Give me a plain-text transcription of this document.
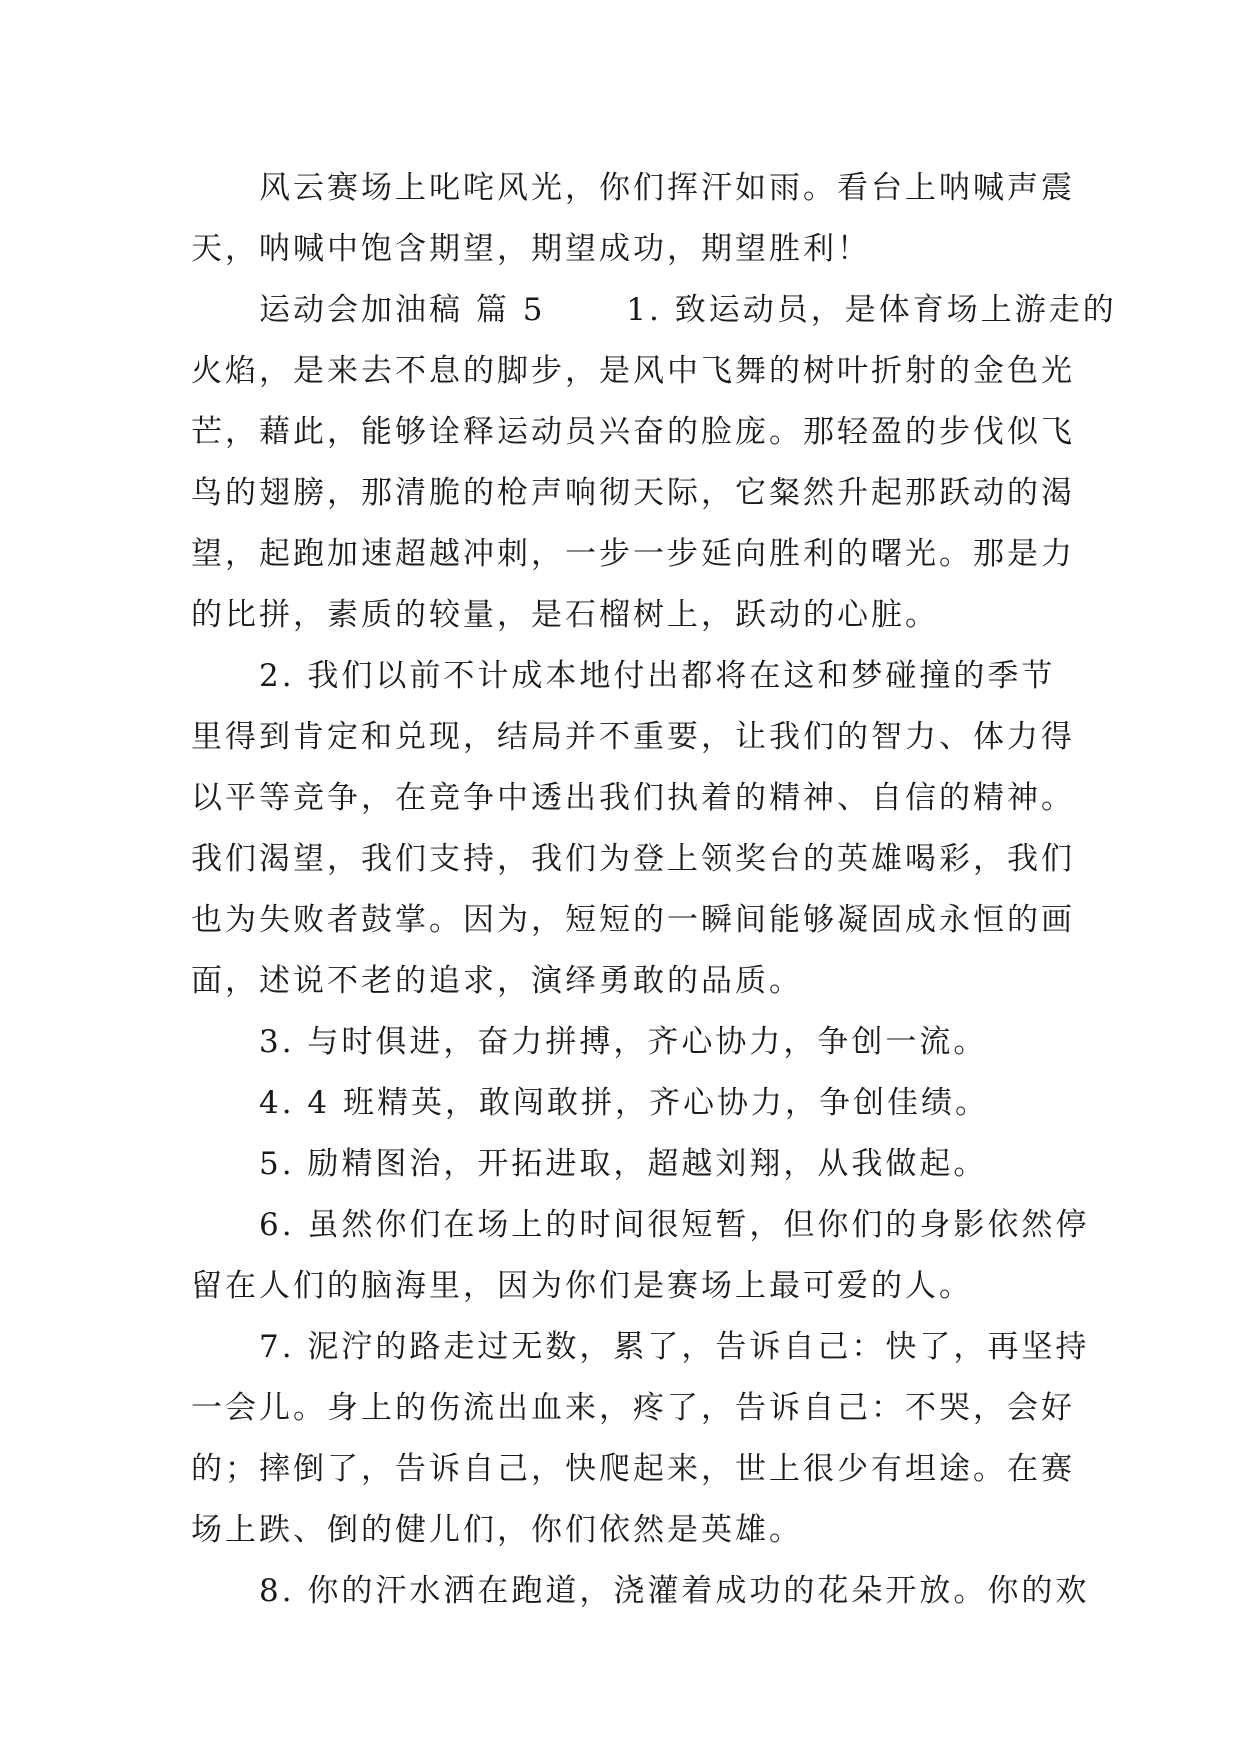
　　风云赛场上叱咤风光，你们挥汗如雨。看台上呐喊声震
天，呐喊中饱含期望，期望成功，期望胜利！
　　运动会加油稿 篇 5　　 1. 致运动员，是体育场上游走的
火焰，是来去不息的脚步，是风中飞舞的树叶折射的金色光
芒，藉此，能够诠释运动员兴奋的脸庞。那轻盈的步伐似飞
鸟的翅膀，那清脆的枪声响彻天际，它粲然升起那跃动的渴
望，起跑加速超越冲刺，一步一步延向胜利的曙光。那是力
的比拼，素质的较量，是石榴树上，跃动的心脏。
　　2. 我们以前不计成本地付出都将在这和梦碰撞的季节
里得到肯定和兑现，结局并不重要，让我们的智力、体力得
以平等竞争，在竞争中透出我们执着的精神、自信的精神。
我们渴望，我们支持，我们为登上领奖台的英雄喝彩，我们
也为失败者鼓掌。因为，短短的一瞬间能够凝固成永恒的画
面，述说不老的追求，演绎勇敢的品质。
　　3. 与时俱进，奋力拼搏，齐心协力，争创一流。
　　4. 4 班精英，敢闯敢拼，齐心协力，争创佳绩。
　　5. 励精图治，开拓进取，超越刘翔，从我做起。
　　6. 虽然你们在场上的时间很短暂，但你们的身影依然停
留在人们的脑海里，因为你们是赛场上最可爱的人。
　　7. 泥泞的路走过无数，累了，告诉自己：快了，再坚持
一会儿。身上的伤流出血来，疼了，告诉自己：不哭，会好
的；摔倒了，告诉自己，快爬起来，世上很少有坦途。在赛
场上跌、倒的健儿们，你们依然是英雄。
　　8. 你的汗水洒在跑道，浇灌着成功的花朵开放。你的欢
